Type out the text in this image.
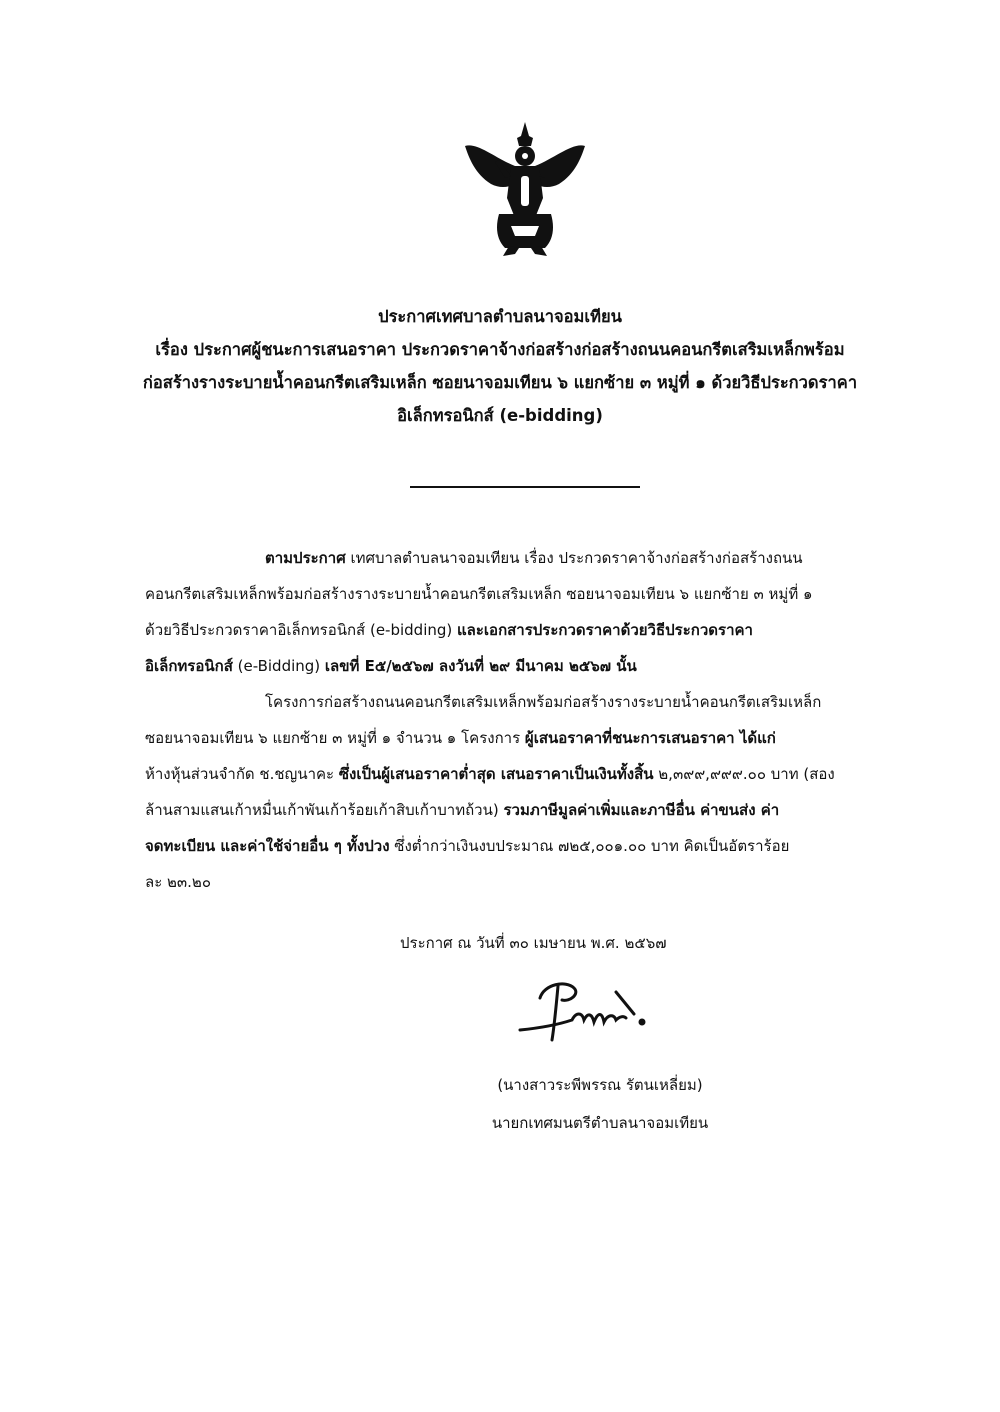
ประกาศเทศบาลตำบลนาจอมเทียน
เรื่อง ประกาศผู้ชนะการเสนอราคา ประกวดราคาจ้างก่อสร้างก่อสร้างถนนคอนกรีตเสริมเหล็กพร้อม
ก่อสร้างรางระบายน้ำคอนกรีตเสริมเหล็ก ซอยนาจอมเทียน ๖ แยกซ้าย ๓ หมู่ที่ ๑ ด้วยวิธีประกวดราคา
อิเล็กทรอนิกส์ (e-bidding)
ตามประกาศ เทศบาลตำบลนาจอมเทียน เรื่อง ประกวดราคาจ้างก่อสร้างก่อสร้างถนน
คอนกรีตเสริมเหล็กพร้อมก่อสร้างรางระบายน้ำคอนกรีตเสริมเหล็ก ซอยนาจอมเทียน ๖ แยกซ้าย ๓ หมู่ที่ ๑
ด้วยวิธีประกวดราคาอิเล็กทรอนิกส์ (e-bidding) และเอกสารประกวดราคาด้วยวิธีประกวดราคา
อิเล็กทรอนิกส์ (e-Bidding) เลขที่ E๕/๒๕๖๗ ลงวันที่ ๒๙ มีนาคม ๒๕๖๗ นั้น
โครงการก่อสร้างถนนคอนกรีตเสริมเหล็กพร้อมก่อสร้างรางระบายน้ำคอนกรีตเสริมเหล็ก
ซอยนาจอมเทียน ๖ แยกซ้าย ๓ หมู่ที่ ๑ จำนวน ๑ โครงการ ผู้เสนอราคาที่ชนะการเสนอราคา ได้แก่
ห้างหุ้นส่วนจำกัด ช.ชญนาคะ ซึ่งเป็นผู้เสนอราคาต่ำสุด เสนอราคาเป็นเงินทั้งสิ้น ๒,๓๙๙,๙๙๙.๐๐ บาท (สอง
ล้านสามแสนเก้าหมื่นเก้าพันเก้าร้อยเก้าสิบเก้าบาทถ้วน) รวมภาษีมูลค่าเพิ่มและภาษีอื่น ค่าขนส่ง ค่า
จดทะเบียน และค่าใช้จ่ายอื่น ๆ ทั้งปวง ซึ่งต่ำกว่าเงินงบประมาณ ๗๒๕,๐๐๑.๐๐ บาท คิดเป็นอัตราร้อย
ละ ๒๓.๒๐
ประกาศ ณ วันที่ ๓๐ เมษายน พ.ศ. ๒๕๖๗
(นางสาวระพีพรรณ รัตนเหลี่ยม)
นายกเทศมนตรีตำบลนาจอมเทียน
